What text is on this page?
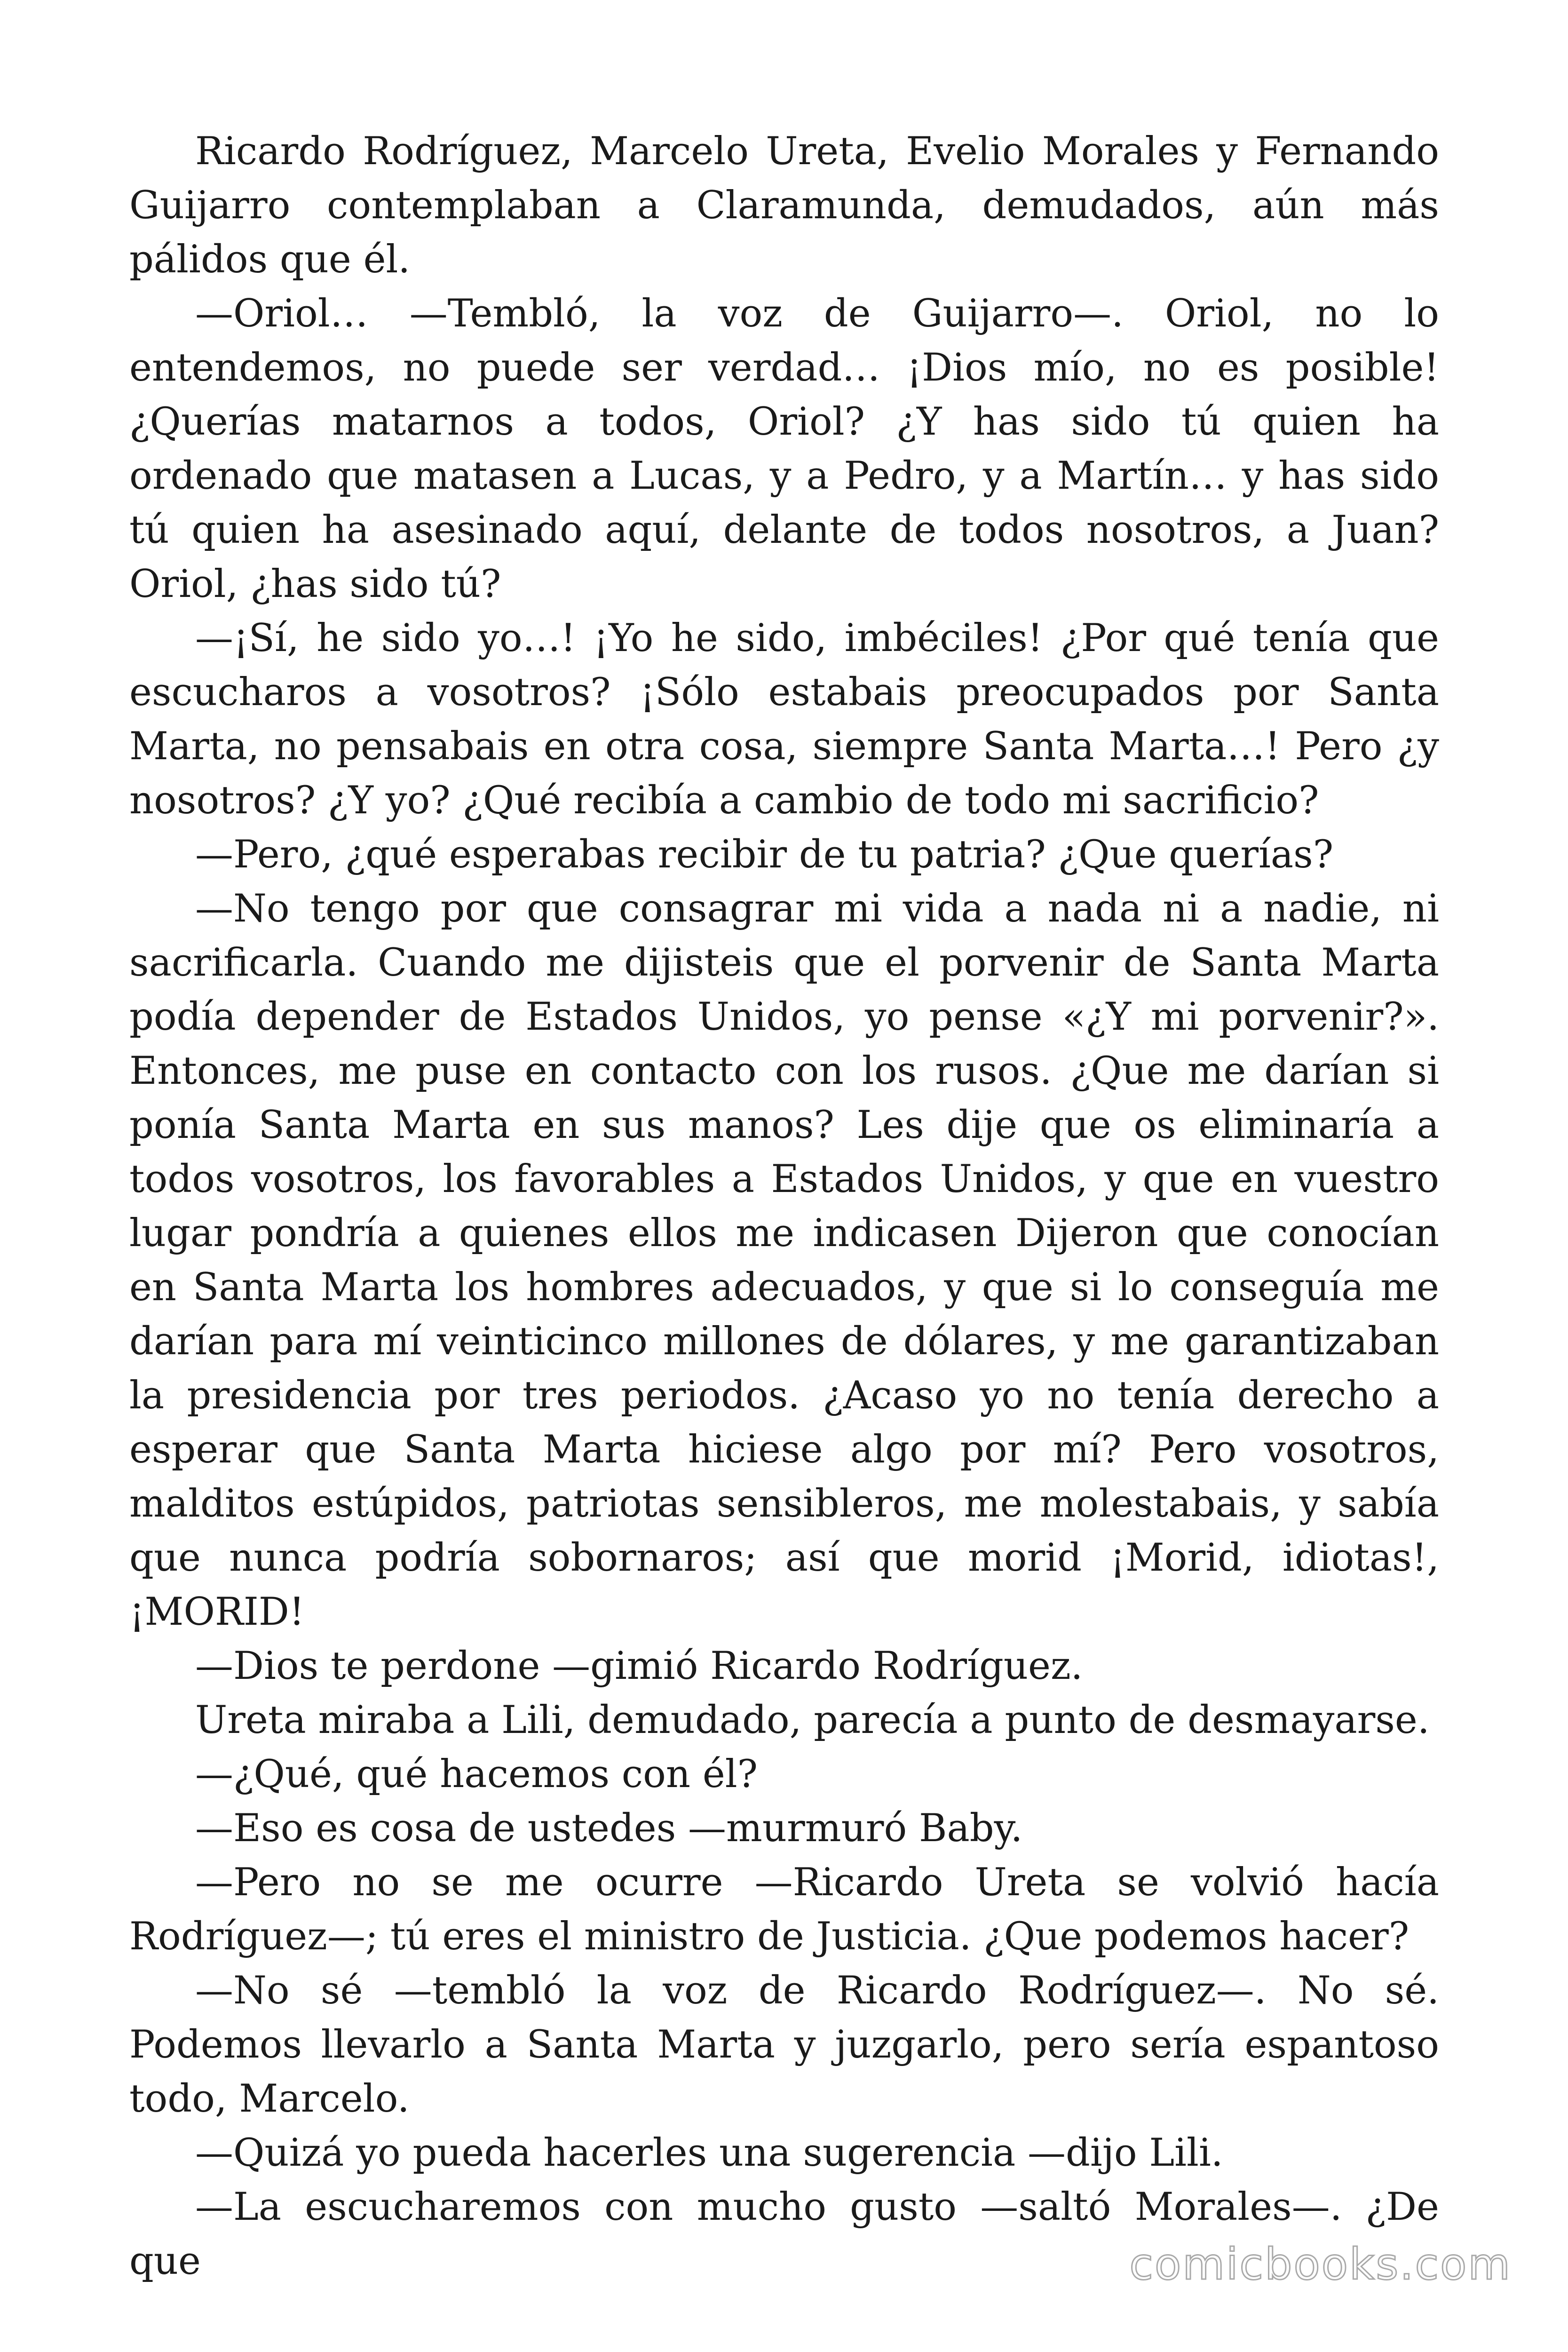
Ricardo Rodríguez, Marcelo Ureta, Evelio Morales y Fernando Guijarro contemplaban a Claramunda, demudados, aún más pálidos que él.

—Oriol… —Tembló, la voz de Guijarro—. Oriol, no lo entendemos, no puede ser verdad… ¡Dios mío, no es posible! ¿Querías matarnos a todos, Oriol? ¿Y has sido tú quien ha ordenado que matasen a Lucas, y a Pedro, y a Martín… y has sido tú quien ha asesinado aquí, delante de todos nosotros, a Juan? Oriol, ¿has sido tú?

—¡Sí, he sido yo…! ¡Yo he sido, imbéciles! ¿Por qué tenía que escucharos a vosotros? ¡Sólo estabais preocupados por Santa Marta, no pensabais en otra cosa, siempre Santa Marta…! Pero ¿y nosotros? ¿Y yo? ¿Qué recibía a cambio de todo mi sacrificio?

—Pero, ¿qué esperabas recibir de tu patria? ¿Que querías?

—No tengo por que consagrar mi vida a nada ni a nadie, ni sacrificarla. Cuando me dijisteis que el porvenir de Santa Marta podía depender de Estados Unidos, yo pense «¿Y mi porvenir?». Entonces, me puse en contacto con los rusos. ¿Que me darían si ponía Santa Marta en sus manos? Les dije que os eliminaría a todos vosotros, los favorables a Estados Unidos, y que en vuestro lugar pondría a quienes ellos me indicasen Dijeron que conocían en Santa Marta los hombres adecuados, y que si lo conseguía me darían para mí veinticinco millones de dólares, y me garantizaban la presidencia por tres periodos. ¿Acaso yo no tenía derecho a esperar que Santa Marta hiciese algo por mí? Pero vosotros, malditos estúpidos, patriotas sensibleros, me molestabais, y sabía que nunca podría sobornaros; así que morid ¡Morid, idiotas!, ¡MORID!

—Dios te perdone —gimió Ricardo Rodríguez.

Ureta miraba a Lili, demudado, parecía a punto de desmayarse.

—¿Qué, qué hacemos con él?

—Eso es cosa de ustedes —murmuró Baby.

—Pero no se me ocurre —Ricardo Ureta se volvió hacía Rodríguez—; tú eres el ministro de Justicia. ¿Que podemos hacer?

—No sé —tembló la voz de Ricardo Rodríguez—. No sé. Podemos llevarlo a Santa Marta y juzgarlo, pero sería espantoso todo, Marcelo.

—Quizá yo pueda hacerles una sugerencia —dijo Lili.

—La escucharemos con mucho gusto —saltó Morales—. ¿De que	comicbooks.com
